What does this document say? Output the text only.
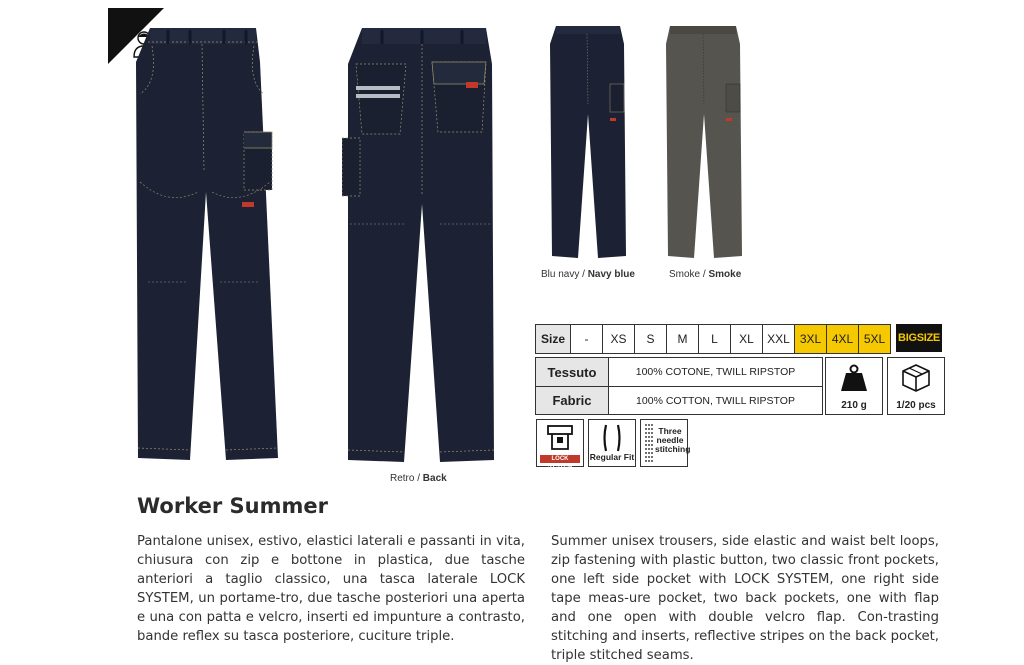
Blu navy / Navy blue	Smoke / Smoke
Retro / Back
Size	-	XS	S	M	L	XL	XXL 3XL 4XL 5XL	BIGSIZE
Tessuto	100% COTONE, TWILL RIPSTOP
Fabric	100% COTTON, TWILL RIPSTOP	210 g	1/20 pcs
LOCK SYSTEM
Regular Fit
Three needle stitching
Worker Summer
Pantalone unisex, estivo, elastici laterali e passanti in vita, chiusura con zip e bottone in plastica, due tasche anteriori a taglio classico, una tasca laterale LOCK SYSTEM, un portame-tro, due tasche posteriori una aperta e una con patta e velcro, inserti ed impunture a contrasto, bande reflex su tasca posteriore, cuciture triple.
Summer unisex trousers, side elastic and waist belt loops, zip fastening with plastic button, two classic front pockets, one left side pocket with LOCK SYSTEM, one right side tape meas-ure pocket, two back pockets, one with flap and one open with double velcro flap. Con-trasting stitching and inserts, reflective stripes on the back pocket, triple stitched seams.
